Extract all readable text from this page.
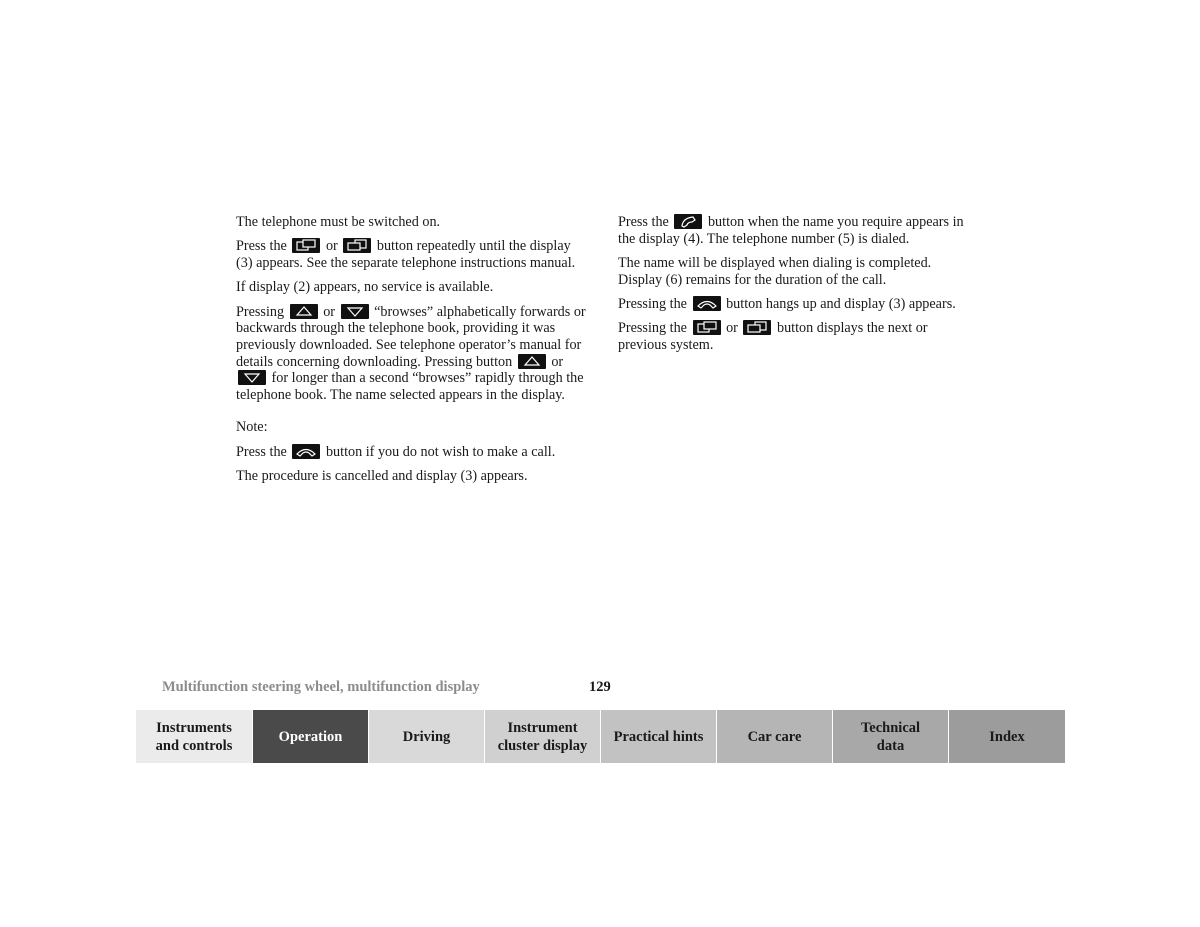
The telephone must be switched on.

Press the	or	button repeatedly until the display (3) appears. See the separate telephone instructions manual.

If display (2) appears, no service is available.

Pressing	or	“browses” alphabetically forwards or backwards through the telephone book, providing it was previously downloaded. See telephone operator’s manual for details concerning downloading. Pressing button	or
for longer than a second “browses” rapidly through the telephone book. The name selected appears in the display.

Note:

Press the	button if you do not wish to make a call.

The procedure is cancelled and display (3) appears.

Press the	button when the name you require appears in the display (4). The telephone number (5) is dialed.

The name will be displayed when dialing is completed. Display (6) remains for the duration of the call.

Pressing the	button hangs up and display (3) appears.

Pressing the	or	button displays the next or previous system.

Multifunction steering wheel, multifunction display	129
Instruments
and controls
Operation	Driving
Instrument
cluster display
Practical hints	Car care
Technical
data
Index
